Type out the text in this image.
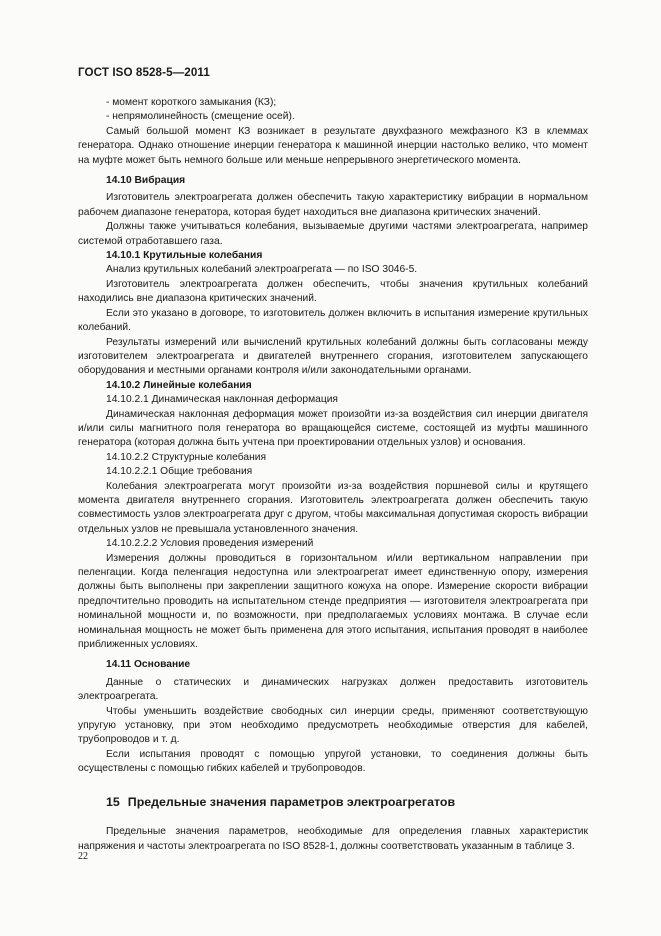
ГОСТ ISO 8528-5—2011

- момент короткого замыкания (КЗ);

- непрямолинейность (смещение осей).

Самый большой момент КЗ возникает в результате двухфазного межфазного КЗ в клеммах генератора. Однако отношение инерции генератора к машинной инерции настолько велико, что момент на муфте может быть немного больше или меньше непрерывного энергетического момента.

14.10 Вибрация

Изготовитель электроагрегата должен обеспечить такую характеристику вибрации в нормальном рабочем диапазоне генератора, которая будет находиться вне диапазона критических значений.

Должны также учитываться колебания, вызываемые другими частями электроагрегата, например системой отработавшего газа.

14.10.1 Крутильные колебания

Анализ крутильных колебаний электроагрегата — по ISO 3046-5.

Изготовитель электроагрегата должен обеспечить, чтобы значения крутильных колебаний находились вне диапазона критических значений.

Если это указано в договоре, то изготовитель должен включить в испытания измерение крутильных колебаний.

Результаты измерений или вычислений крутильных колебаний должны быть согласованы между изготовителем электроагрегата и двигателей внутреннего сгорания, изготовителем запускающего оборудования и местными органами контроля и/или законодательными органами.

14.10.2 Линейные колебания
14.10.2.1 Динамическая наклонная деформация

Динамическая наклонная деформация может произойти из-за воздействия сил инерции двигателя и/или силы магнитного поля генератора во вращающейся системе, состоящей из муфты машинного генератора (которая должна быть учтена при проектировании отдельных узлов) и основания.

14.10.2.2 Структурные колебания
14.10.2.2.1 Общие требования

Колебания электроагрегата могут произойти из-за воздействия поршневой силы и крутящего момента двигателя внутреннего сгорания. Изготовитель электроагрегата должен обеспечить такую совместимость узлов электроагрегата друг с другом, чтобы максимальная допустимая скорость вибрации отдельных узлов не превышала установленного значения.

14.10.2.2.2 Условия проведения измерений

Измерения должны проводиться в горизонтальном и/или вертикальном направлении при пеленгации. Когда пеленгация недоступна или электроагрегат имеет единственную опору, измерения должны быть выполнены при закреплении защитного кожуха на опоре. Измерение скорости вибрации предпочтительно проводить на испытательном стенде предприятия — изготовителя электроагрегата при номинальной мощности и, по возможности, при предполагаемых условиях монтажа. В случае если номинальная мощность не может быть применена для этого испытания, испытания проводят в наиболее приближенных условиях.

14.11 Основание

Данные о статических и динамических нагрузках должен предоставить изготовитель электроагрегата.

Чтобы уменьшить воздействие свободных сил инерции среды, применяют соответствующую упругую установку, при этом необходимо предусмотреть необходимые отверстия для кабелей, трубопроводов и т. д.

Если испытания проводят с помощью упругой установки, то соединения должны быть осуществлены с помощью гибких кабелей и трубопроводов.

15 Предельные значения параметров электроагрегатов

Предельные значения параметров, необходимые для определения главных характеристик напряжения и частоты электроагрегата по ISO 8528-1, должны соответствовать указанным в таблице 3.

22
